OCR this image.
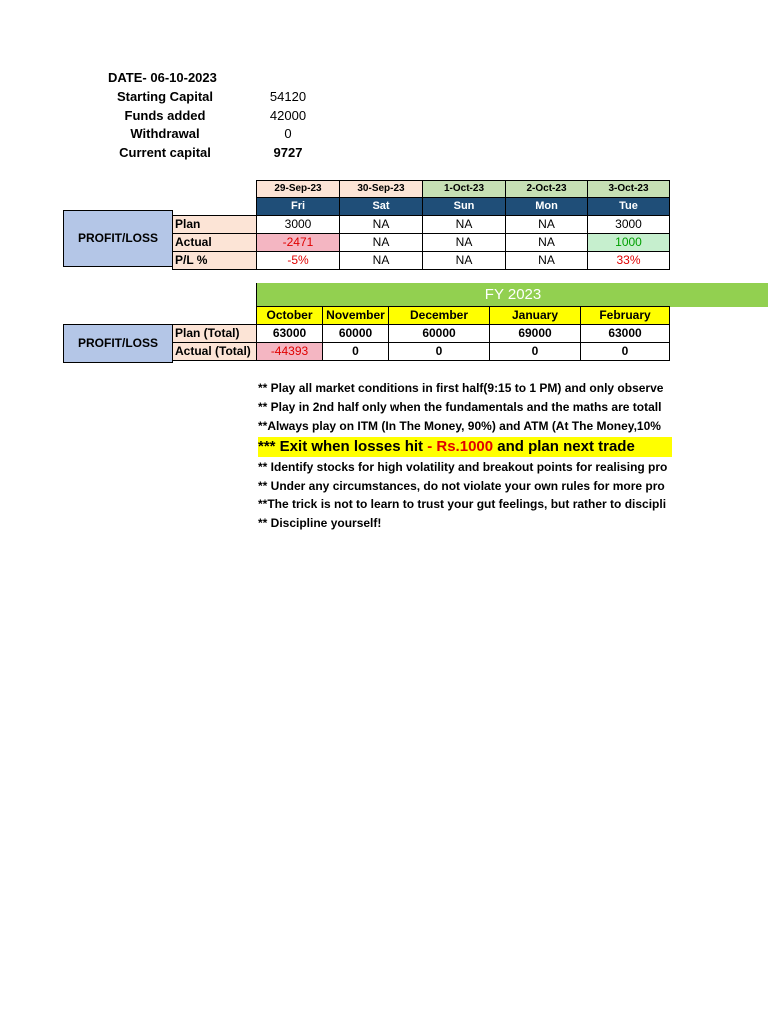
DATE- 06-10-2023
Starting Capital	54120
Funds added	42000
Withdrawal	0
Current capital	9727
PROFIT/LOSS
	29-Sep-23	30-Sep-23	1-Oct-23	2-Oct-23	3-Oct-23
	Fri	Sat	Sun	Mon	Tue
Plan	3000	NA	NA	NA	3000
Actual	-2471	NA	NA	NA	1000
P/L %	-5%	NA	NA	NA	33%
FY 2023
PROFIT/LOSS
	October	November	December	January	February
Plan (Total)	63000	60000	60000	69000	63000
Actual (Total)	-44393	0	0	0	0
** Play all market conditions in first half(9:15 to 1 PM) and only observe
** Play in 2nd half only when the fundamentals and the maths are totall
**Always play on ITM (In The Money, 90%) and ATM (At The Money,10%
*** Exit when losses hit - Rs.1000 and plan next trade
** Identify stocks for high volatility and breakout points for realising pro
** Under any circumstances, do not violate your own rules for more pro
**The trick is not to learn to trust your gut feelings, but rather to discipli
** Discipline yourself!
